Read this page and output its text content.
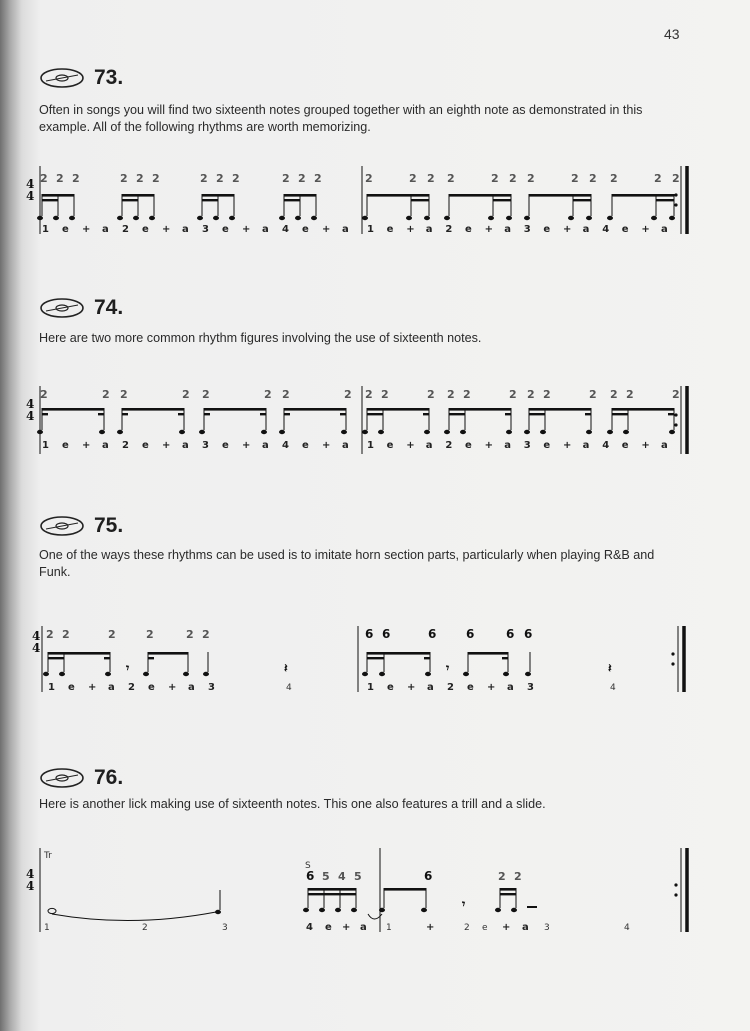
43
73.
Often in songs you will find two sixteenth notes grouped together with an eighth note as demonstrated in this example. All of the following rhythms are worth memorizing.
4
4
2 2 2	2 2 2	2 2 2	2 2 2	2	2 2 2	2 2 2	2 2 2	2 2
1 e + a 2 e + a 3 e + a 4 e + a 1 e + a 2 e + a 3 e + a 4 e + a
74.
Here are two more common rhythm figures involving the use of sixteenth notes.
4
4
2	2 2	2 2	2 2	2 2 2	2 2 2	2 2 2	2 2 2	2
1 e + a 2 e + a 3 e + a 4 e + a 1 e + a 2 e + a 3 e + a 4 e + a
75.
One of the ways these rhythms can be used is to imitate horn section parts, particularly when playing R&B and Funk.
4
4
2 2	2
𝄾
2	2 2
𝄽
1 e + a 2 e + a 3	4
6 6	6
𝄾
6	6 6
𝄽
1 e + a 2 e + a 3	4
76.
Here is another lick making use of sixteenth notes. This one also features a trill and a slide.
4
4
Tr
S
6 5 4 5	6
𝄾
2 2
1	2	3	4 e + a 1	+	2 e + a 3	4
